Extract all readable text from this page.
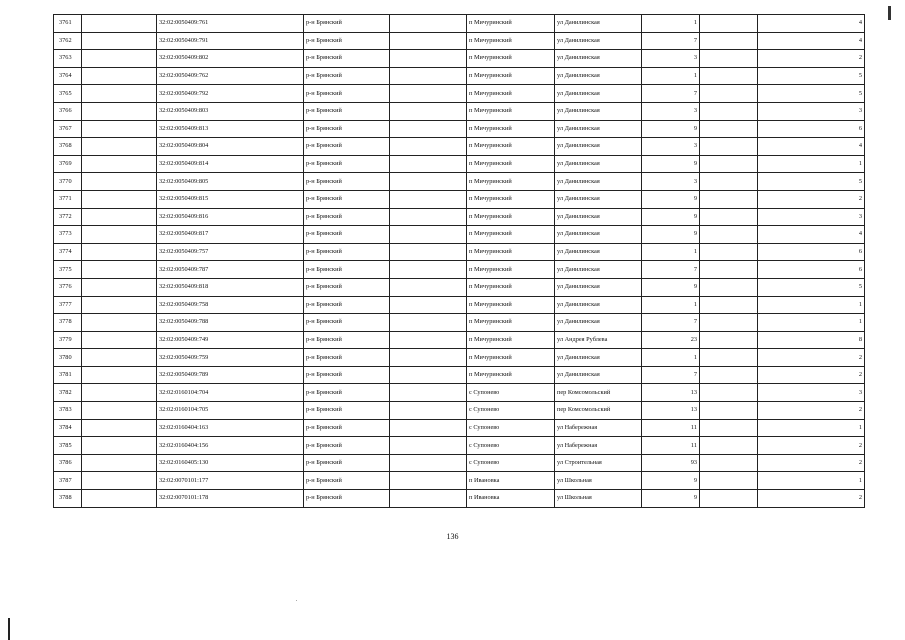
3761		32:02:0050409:761	р-н Брянский		п Мичуринский	ул Данилинская	1		4
3762		32:02:0050409:791	р-н Брянский		п Мичуринский	ул Данилинская	7		4
3763		32:02:0050409:802	р-н Брянский		п Мичуринский	ул Данилинская	3		2
3764		32:02:0050409:762	р-н Брянский		п Мичуринский	ул Данилинская	1		5
3765		32:02:0050409:792	р-н Брянский		п Мичуринский	ул Данилинская	7		5
3766		32:02:0050409:803	р-н Брянский		п Мичуринский	ул Данилинская	3		3
3767		32:02:0050409:813	р-н Брянский		п Мичуринский	ул Данилинская	9		6
3768		32:02:0050409:804	р-н Брянский		п Мичуринский	ул Данилинская	3		4
3769		32:02:0050409:814	р-н Брянский		п Мичуринский	ул Данилинская	9		1
3770		32:02:0050409:805	р-н Брянский		п Мичуринский	ул Данилинская	3		5
3771		32:02:0050409:815	р-н Брянский		п Мичуринский	ул Данилинская	9		2
3772		32:02:0050409:816	р-н Брянский		п Мичуринский	ул Данилинская	9		3
3773		32:02:0050409:817	р-н Брянский		п Мичуринский	ул Данилинская	9		4
3774		32:02:0050409:757	р-н Брянский		п Мичуринский	ул Данилинская	1		6
3775		32:02:0050409:787	р-н Брянский		п Мичуринский	ул Данилинская	7		6
3776		32:02:0050409:818	р-н Брянский		п Мичуринский	ул Данилинская	9		5
3777		32:02:0050409:758	р-н Брянский		п Мичуринский	ул Данилинская	1		1
3778		32:02:0050409:788	р-н Брянский		п Мичуринский	ул Данилинская	7		1
3779		32:02:0050409:749	р-н Брянский		п Мичуринский	ул Андрея Рублева	23		8
3780		32:02:0050409:759	р-н Брянский		п Мичуринский	ул Данилинская	1		2
3781		32:02:0050409:789	р-н Брянский		п Мичуринский	ул Данилинская	7		2
3782		32:02:0160104:704	р-н Брянский		с Супонево	пер Комсомольский	13		3
3783		32:02:0160104:705	р-н Брянский		с Супонево	пер Комсомольский	13		2
3784		32:02:0160404:163	р-н Брянский		с Супонево	ул Набережная	11		1
3785		32:02:0160404:156	р-н Брянский		с Супонево	ул Набережная	11		2
3786		32:02:0160405:130	р-н Брянский		с Супонево	ул Строительная	93		2
3787		32:02:0070101:177	р-н Брянский		п Ивановка	ул Школьная	9		1
3788		32:02:0070101:178	р-н Брянский		п Ивановка	ул Школьная	9		2
136
